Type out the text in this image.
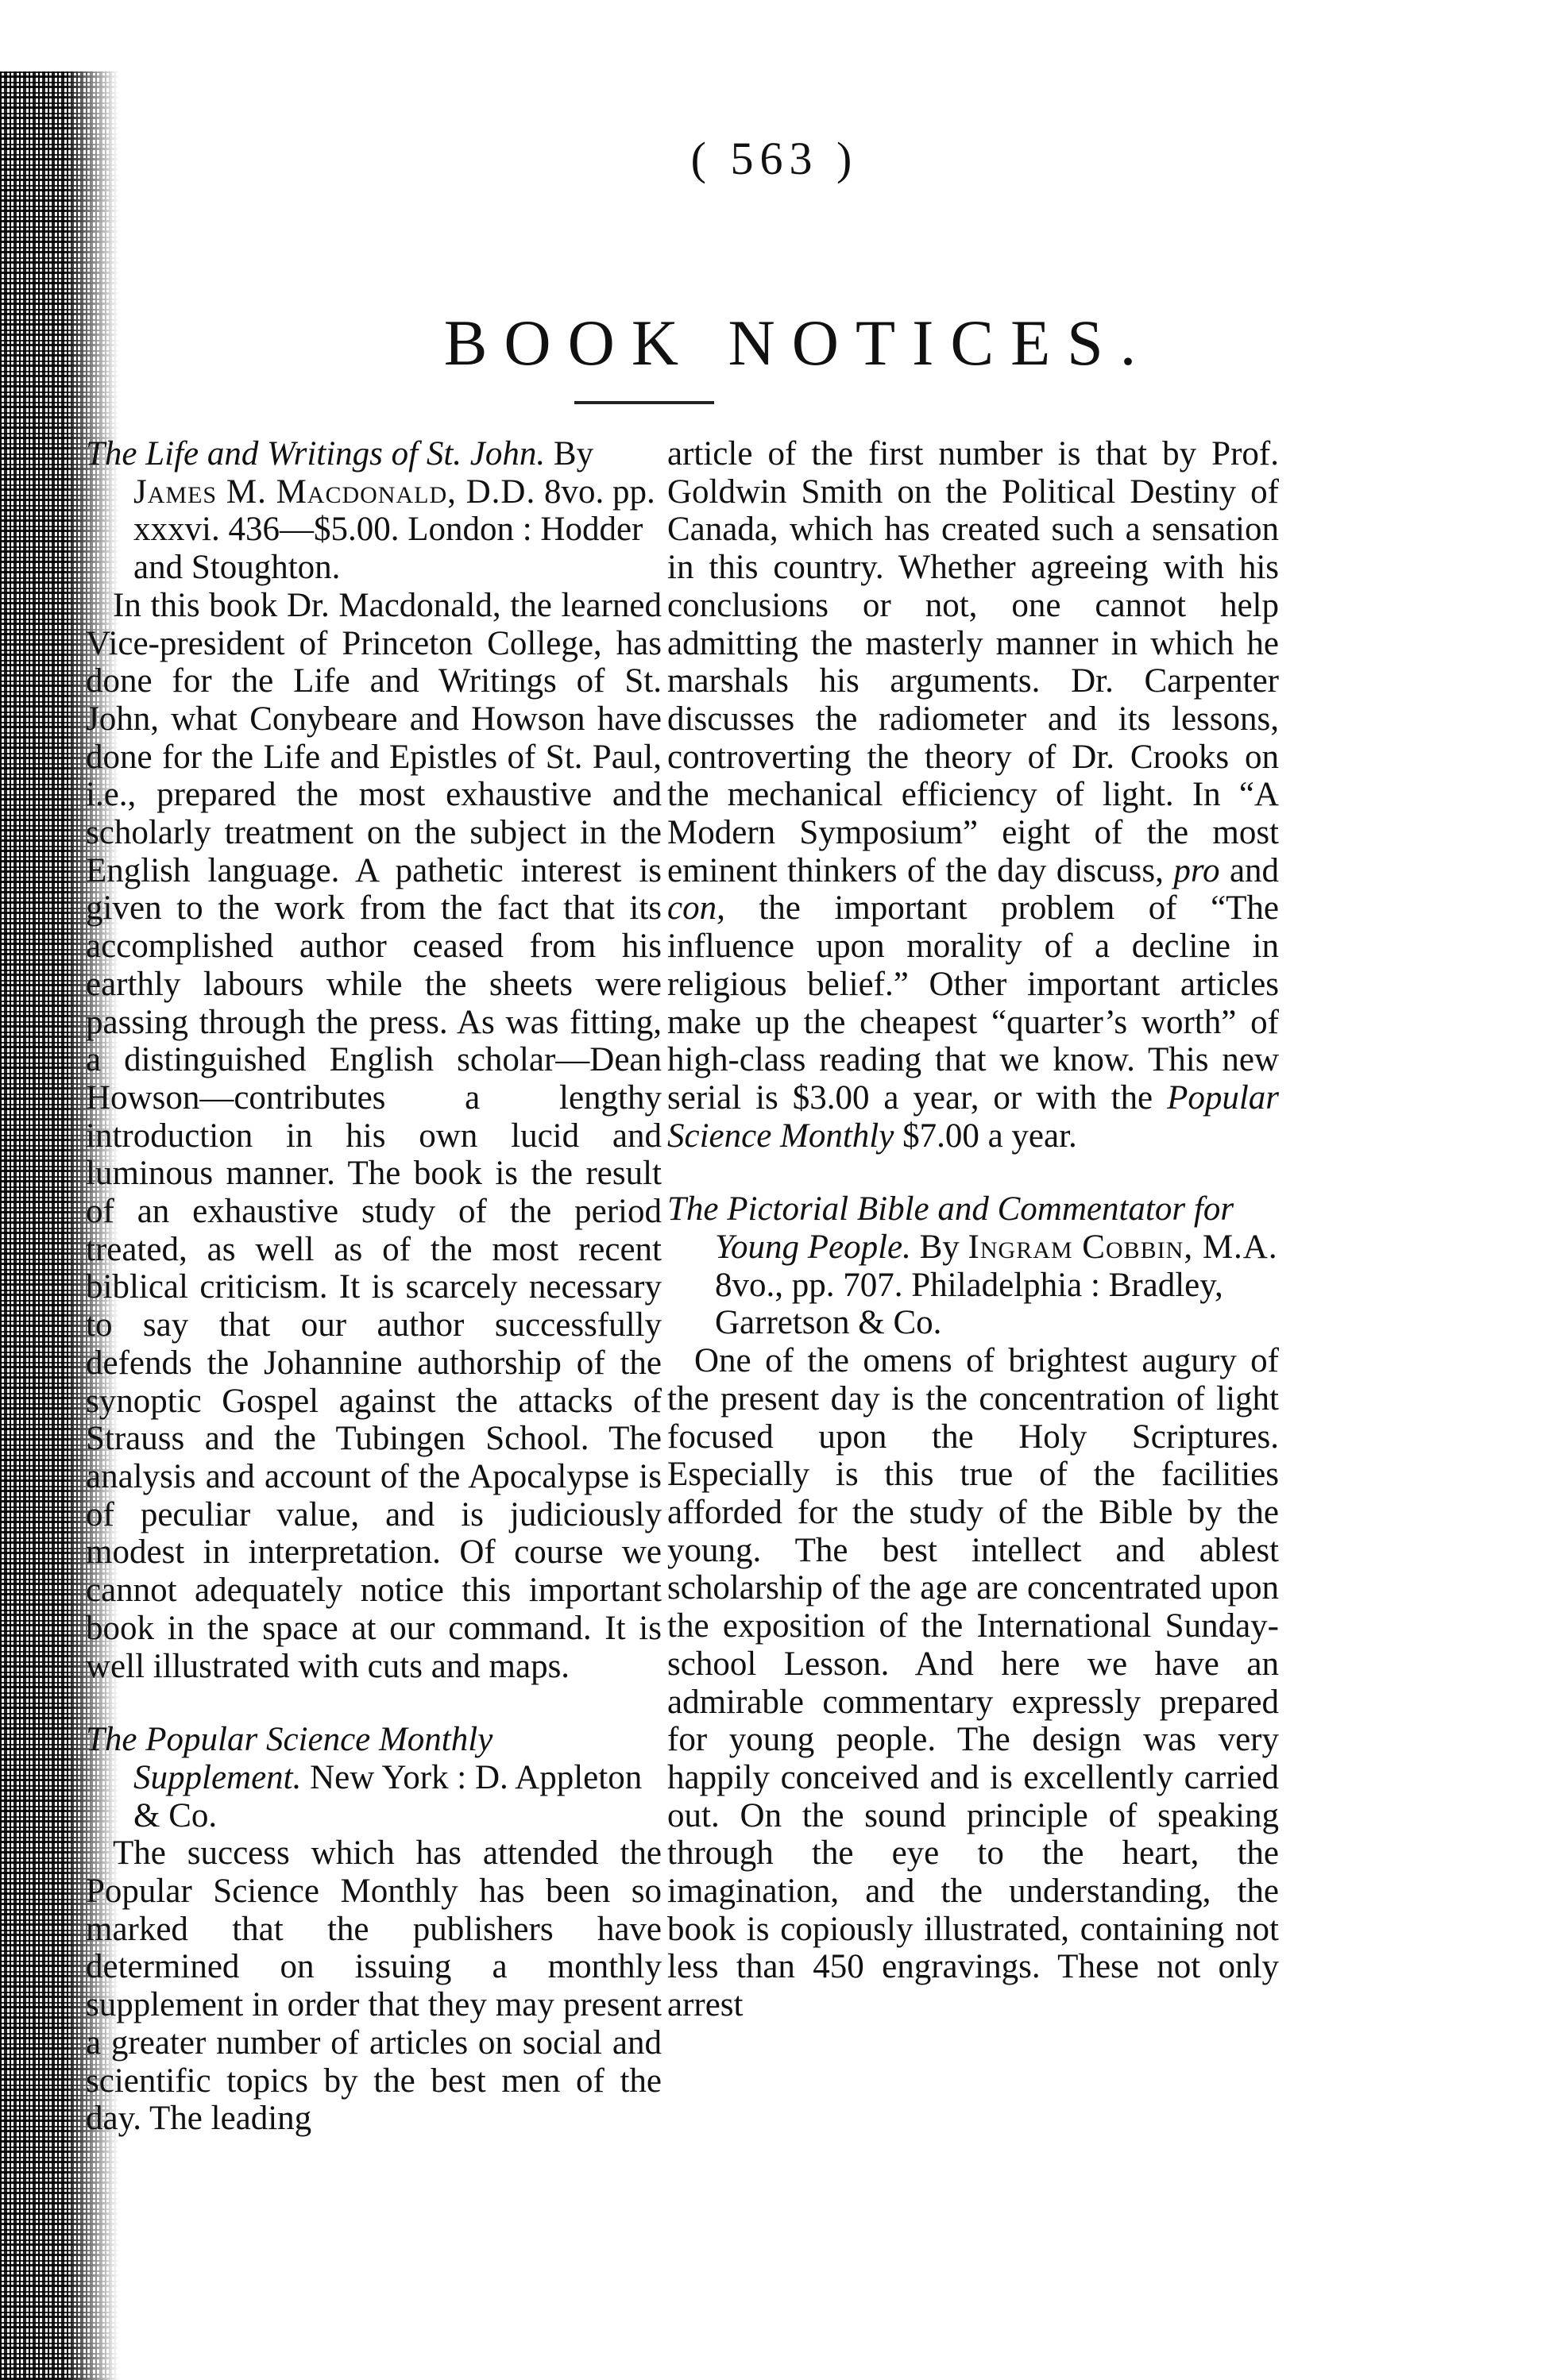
( 563 )
BOOK NOTICES.

The Life and Writings of St. John. By James M. Macdonald, D.D. 8vo. pp. xxxvi. 436—$5.00. London : Hodder and Stoughton.

In this book Dr. Macdonald, the learned Vice-president of Princeton College, has done for the Life and Writings of St. John, what Conybeare and Howson have done for the Life and Epistles of St. Paul, i.e., prepared the most exhaustive and scholarly treatment on the subject in the English language. A pathetic interest is given to the work from the fact that its accomplished author ceased from his earthly labours while the sheets were passing through the press. As was fitting, a distinguished English scholar—Dean Howson—contributes a lengthy introduction in his own lucid and luminous manner. The book is the result of an exhaustive study of the period treated, as well as of the most recent biblical criticism. It is scarcely necessary to say that our author successfully defends the Johannine authorship of the synoptic Gospel against the attacks of Strauss and the Tubingen School. The analysis and account of the Apocalypse is of peculiar value, and is judiciously modest in interpretation. Of course we cannot adequately notice this important book in the space at our command. It is well illustrated with cuts and maps.

The Popular Science Monthly Supplement. New York : D. Appleton & Co.

The success which has attended the Popular Science Monthly has been so marked that the publishers have determined on issuing a monthly supplement in order that they may present a greater number of articles on social and scientific topics by the best men of the day. The leading

article of the first number is that by Prof. Goldwin Smith on the Political Destiny of Canada, which has created such a sensation in this country. Whether agreeing with his conclusions or not, one cannot help admitting the masterly manner in which he marshals his arguments. Dr. Carpenter discusses the radiometer and its lessons, controverting the theory of Dr. Crooks on the mechanical efficiency of light. In “A Modern Symposium” eight of the most eminent thinkers of the day discuss, pro and con, the important problem of “The influence upon morality of a decline in religious belief.” Other important articles make up the cheapest “quarter’s worth” of high-class reading that we know. This new serial is $3.00 a year, or with the Popular Science Monthly $7.00 a year.

The Pictorial Bible and Commentator for Young People. By Ingram Cobbin, M.A. 8vo., pp. 707. Philadelphia : Bradley, Garretson & Co.

One of the omens of brightest augury of the present day is the concentration of light focused upon the Holy Scriptures. Especially is this true of the facilities afforded for the study of the Bible by the young. The best intellect and ablest scholarship of the age are concentrated upon the exposition of the International Sunday-school Lesson. And here we have an admirable commentary expressly prepared for young people. The design was very happily conceived and is excellently carried out. On the sound principle of speaking through the eye to the heart, the imagination, and the understanding, the book is copiously illustrated, containing not less than 450 engravings. These not only arrest
